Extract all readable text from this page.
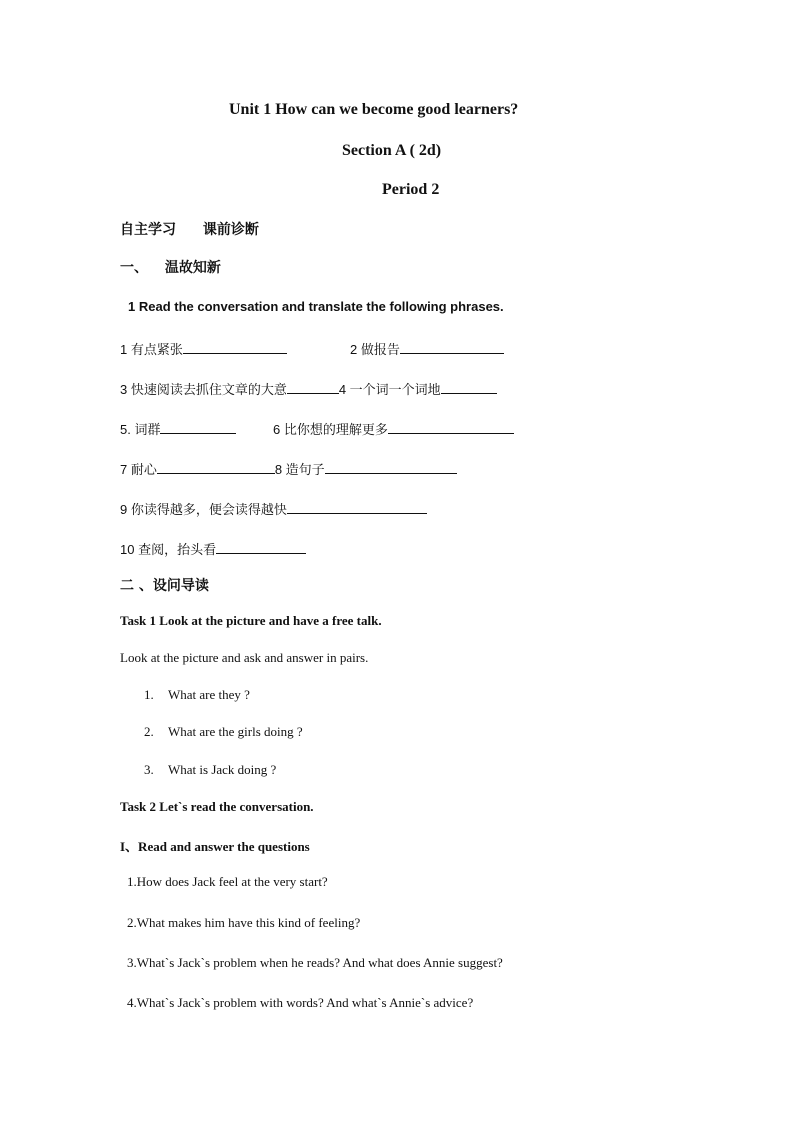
Unit 1 How can we become good learners?
Section A ( 2d)
Period 2
自主学习 课前诊断
一、 温故知新
1 Read the conversation and translate the following phrases.
1 有点紧张	2 做报告
3 快速阅读去抓住文章的大意	4 一个词一个词地
5. 词群	6 比你想的理解更多
7 耐心	8 造句子
9 你读得越多，便会读得越快
10 查阅，抬头看
二 、设问导读
Task 1 Look at the picture and have a free talk.
Look at the picture and ask and answer in pairs.
1. What are they ?
2. What are the girls doing ?
3. What is Jack doing ?
Task 2 Let`s read the conversation.
I、Read and answer the questions
1.How does Jack feel at the very start?
2.What makes him have this kind of feeling?
3.What`s Jack`s problem when he reads? And what does Annie suggest?
4.What`s Jack`s problem with words? And what`s Annie`s advice?
